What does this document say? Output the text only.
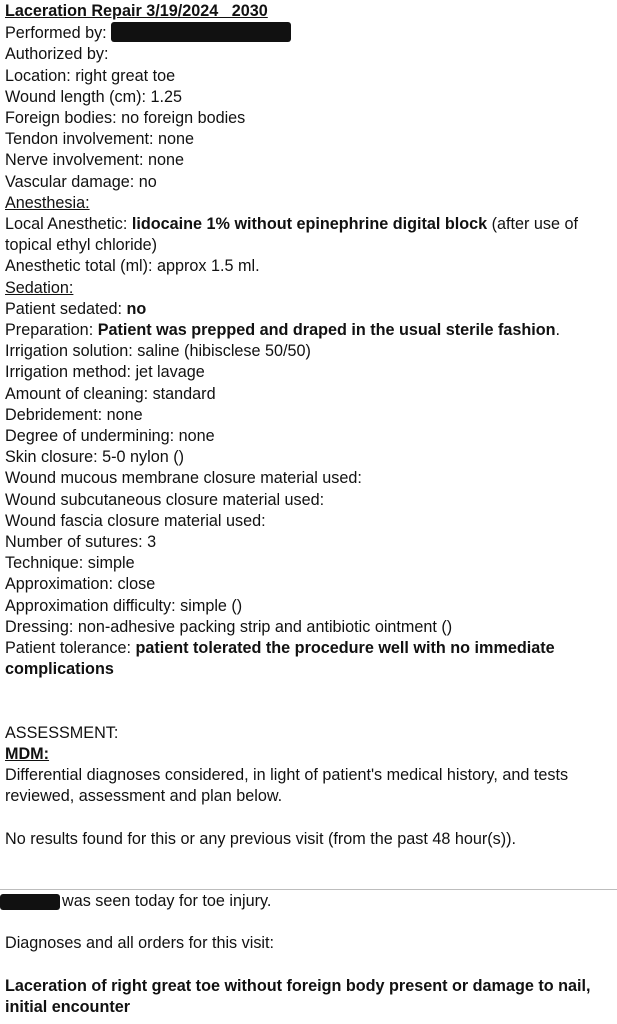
Laceration Repair 3/19/2024   2030
Performed by:
Authorized by:
Location: right great toe
Wound length (cm): 1.25
Foreign bodies: no foreign bodies
Tendon involvement: none
Nerve involvement: none
Vascular damage: no
Anesthesia:
Local Anesthetic: lidocaine 1% without epinephrine digital block (after use of topical ethyl chloride)
Anesthetic total (ml): approx 1.5 ml.
Sedation:
Patient sedated: no
Preparation: Patient was prepped and draped in the usual sterile fashion.
Irrigation solution: saline (hibisclese 50/50)
Irrigation method: jet lavage
Amount of cleaning: standard
Debridement: none
Degree of undermining: none
Skin closure: 5-0 nylon ()
Wound mucous membrane closure material used:
Wound subcutaneous closure material used:
Wound fascia closure material used:
Number of sutures: 3
Technique: simple
Approximation: close
Approximation difficulty: simple ()
Dressing: non-adhesive packing strip and antibiotic ointment ()
Patient tolerance: patient tolerated the procedure well with no immediate complications
ASSESSMENT:
MDM:
Differential diagnoses considered, in light of patient's medical history, and tests reviewed, assessment and plan below.
No results found for this or any previous visit (from the past 48 hour(s)).
was seen today for toe injury.
Diagnoses and all orders for this visit:
Laceration of right great toe without foreign body present or damage to nail, initial encounter
